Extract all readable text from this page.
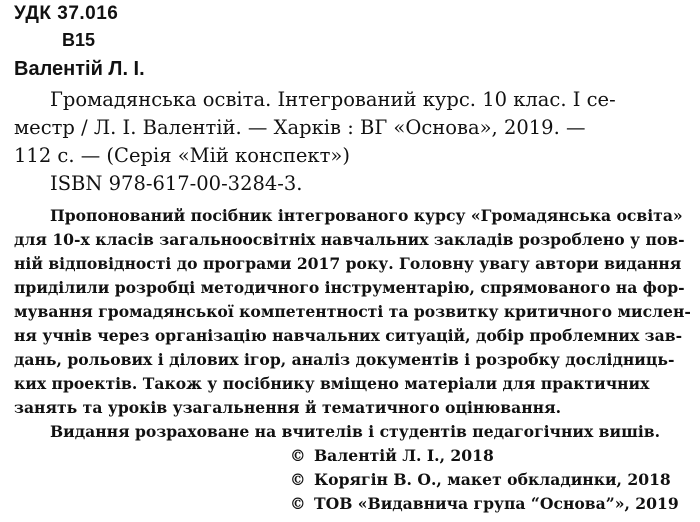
УДК 37.016
В15
Валентій Л. І.
Громадянська освіта. Інтегрований курс. 10 клас. І се-
местр / Л. І. Валентій. — Харків : ВГ «Основа», 2019. —
112 с. — (Серія «Мій конспект»)
ISBN 978-617-00-3284-3.
Пропонований посібник інтегрованого курсу «Громадянська освіта»
для 10-х класів загальноосвітніх навчальних закладів розроблено у пов-
ній відповідності до програми 2017 року. Головну увагу автори видання
приділили розробці методичного інструментарію, спрямованого на фор-
мування громадянської компетентності та розвитку критичного мислен-
ня учнів через організацію навчальних ситуацій, добір проблемних зав-
дань, рольових і ділових ігор, аналіз документів і розробку дослідниць-
ких проектів. Також у посібнику вміщено матеріали для практичних
занять та уроків узагальнення й тематичного оцінювання.
Видання розраховане на вчителів і студентів педагогічних вишів.
© Валентій Л. І., 2018
© Корягін В. О., макет обкладинки, 2018
© ТОВ «Видавнича група “Основа”», 2019
